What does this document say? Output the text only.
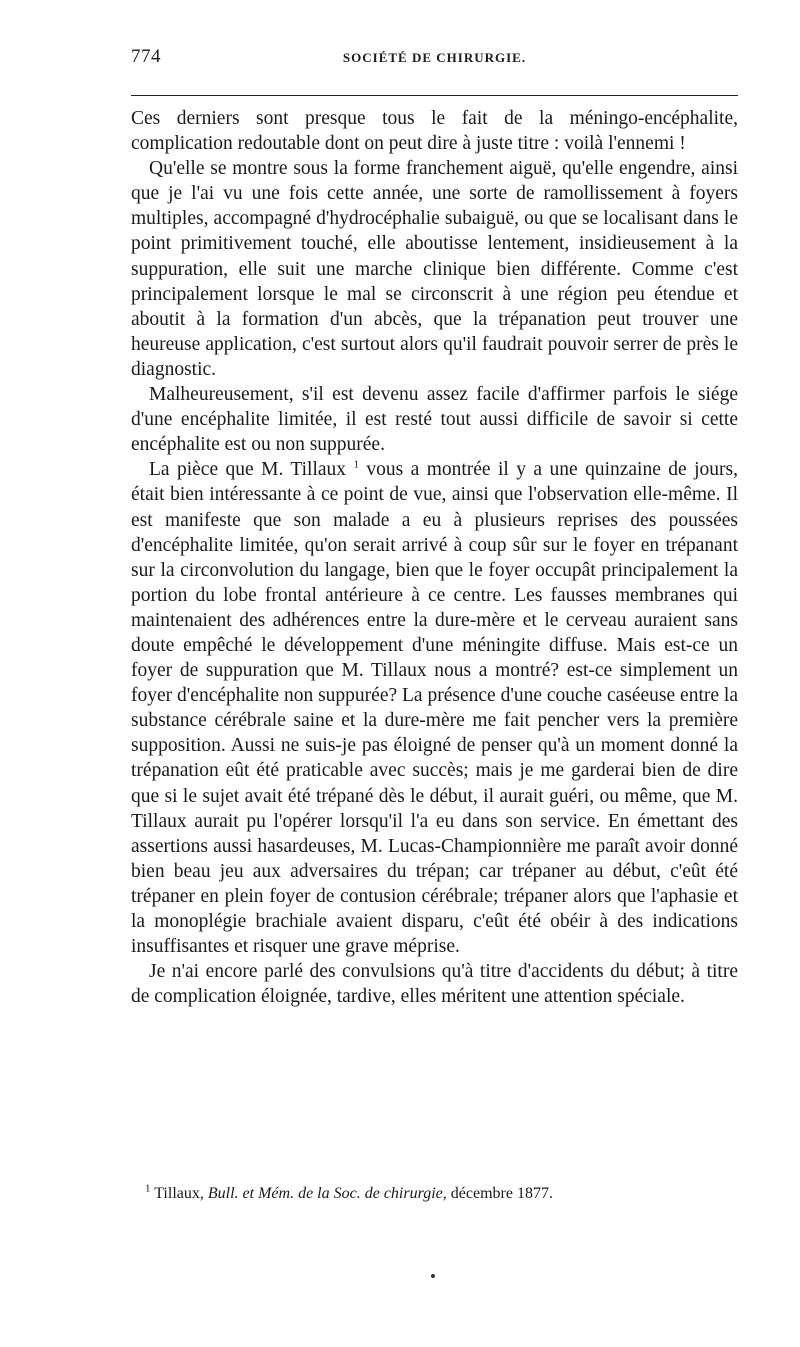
774	SOCIÉTÉ DE CHIRURGIE.

Ces derniers sont presque tous le fait de la méningo-encéphalite, complication redoutable dont on peut dire à juste titre : voilà l'ennemi !

Qu'elle se montre sous la forme franchement aiguë, qu'elle engendre, ainsi que je l'ai vu une fois cette année, une sorte de ramollissement à foyers multiples, accompagné d'hydrocéphalie subaiguë, ou que se localisant dans le point primitivement touché, elle aboutisse lentement, insidieusement à la suppuration, elle suit une marche clinique bien différente. Comme c'est principalement lorsque le mal se circonscrit à une région peu étendue et aboutit à la formation d'un abcès, que la trépanation peut trouver une heureuse application, c'est surtout alors qu'il faudrait pouvoir serrer de près le diagnostic.

Malheureusement, s'il est devenu assez facile d'affirmer parfois le siége d'une encéphalite limitée, il est resté tout aussi difficile de savoir si cette encéphalite est ou non suppurée.

La pièce que M. Tillaux $^1$ vous a montrée il y a une quinzaine de jours, était bien intéressante à ce point de vue, ainsi que l'observation elle-même. Il est manifeste que son malade a eu à plusieurs reprises des poussées d'encéphalite limitée, qu'on serait arrivé à coup sûr sur le foyer en trépanant sur la circonvolution du langage, bien que le foyer occupât principalement la portion du lobe frontal antérieure à ce centre. Les fausses membranes qui maintenaient des adhérences entre la dure-mère et le cerveau auraient sans doute empêché le développement d'une méningite diffuse. Mais est-ce un foyer de suppuration que M. Tillaux nous a montré? est-ce simplement un foyer d'encéphalite non suppurée? La présence d'une couche caséeuse entre la substance cérébrale saine et la dure-mère me fait pencher vers la première supposition. Aussi ne suis-je pas éloigné de penser qu'à un moment donné la trépanation eût été praticable avec succès; mais je me garderai bien de dire que si le sujet avait été trépané dès le début, il aurait guéri, ou même, que M. Tillaux aurait pu l'opérer lorsqu'il l'a eu dans son service. En émettant des assertions aussi hasardeuses, M. Lucas-Championnière me paraît avoir donné bien beau jeu aux adversaires du trépan; car trépaner au début, c'eût été trépaner en plein foyer de contusion cérébrale; trépaner alors que l'aphasie et la monoplégie brachiale avaient disparu, c'eût été obéir à des indications insuffisantes et risquer une grave méprise.

Je n'ai encore parlé des convulsions qu'à titre d'accidents du début; à titre de complication éloignée, tardive, elles méritent une attention spéciale.

$^1$ Tillaux, Bull. et Mém. de la Soc. de chirurgie, décembre 1877.
